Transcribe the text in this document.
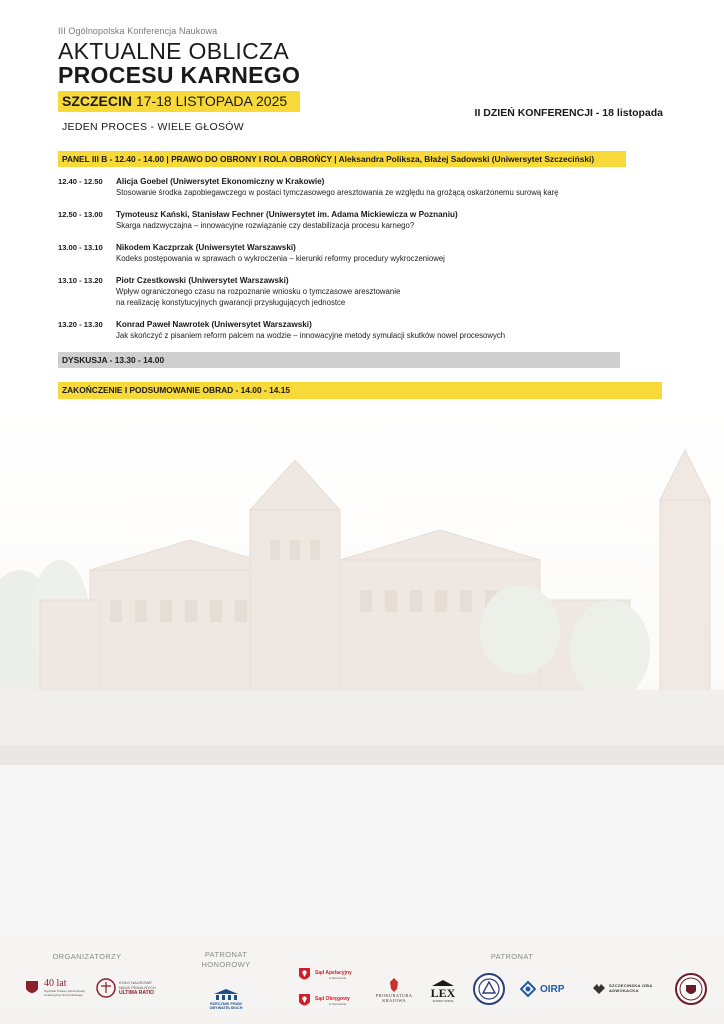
III Ogólnopolska Konferencja Naukowa
AKTUALNE OBLICZA
PROCESU KARNEGO
SZCZECIN 17-18 LISTOPADA 2025
JEDEN PROCES - WIELE GŁOSÓW
II DZIEŃ KONFERENCJI - 18 listopada
PANEL III B - 12.40 - 14.00 | PRAWO DO OBRONY I ROLA OBROŃCY | Aleksandra Poliksza, Błażej Sadowski (Uniwersytet Szczeciński)
12.40 - 12.50	Alicja Goebel (Uniwersytet Ekonomiczny w Krakowie)
Stosowanie środka zapobiegawczego w postaci tymczasowego aresztowania ze względu na grożącą oskarżonemu surową karę
12.50 - 13.00	Tymoteusz Kański, Stanisław Fechner (Uniwersytet im. Adama Mickiewicza w Poznaniu)
Skarga nadzwyczajna – innowacyjne rozwiązanie czy destabilizacja procesu karnego?
13.00 - 13.10	Nikodem Kaczprzak (Uniwersytet Warszawski)
Kodeks postępowania w sprawach o wykroczenia – kierunki reformy procedury wykroczeniowej
13.10 - 13.20	Piotr Czestkowski (Uniwersytet Warszawski)
Wpływ ograniczonego czasu na rozpoznanie wniosku o tymczasowe aresztowanie
na realizację konstytucyjnych gwarancji przysługujących jednostce
13.20 - 13.30	Konrad Paweł Nawrotek (Uniwersytet Warszawski)
Jak skończyć z pisaniem reform palcem na wodzie – innowacyjne metody symulacji skutków nowel procesowych
DYSKUSJA - 13.30 - 14.00
ZAKOŃCZENIE I PODSUMOWANIE OBRAD - 14.00 - 14.15
ORGANIZATORZY	PATRONAT
HONOROWY
PATRONAT
40 lat
Wydziału Prawa i Administracji Uniwersytetu Szczecińskiego
KOŁO NAUKOWE
NAUK PENALNYCH
ULTIMA RATIO
RZECZNIK PRAW
OBYWATELSKICH
Sąd Apelacyjny
w Szczecinie
Sąd Okręgowy
w Szczecinie
PROKURATURA
KRAJOWA
LEX
SUPER OMNIA
OIRP	SZCZECIŃSKA IZBA
ADWOKACKA
